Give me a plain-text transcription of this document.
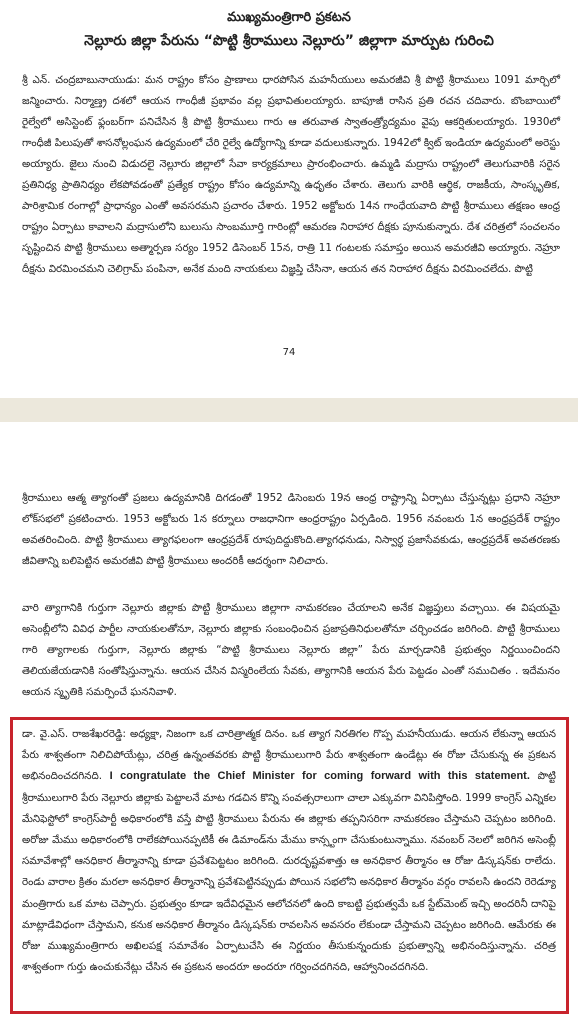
ముఖ్యమంత్రిగారి ప్రకటన
నెల్లూరు జిల్లా పేరును “పొట్టి శ్రీరాములు నెల్లూరు” జిల్లాగా మార్పుట గురించి

శ్రీ ఎన్. చంద్రబాబునాయుడు: మన రాష్ట్రం కోసం ప్రాణాలు ధారపోసిన మహనీయులు అమరజీవి శ్రీ పొట్టి శ్రీరాములు 1091 మార్చిలో జన్మించారు. నిర్మాణ్త్ర దశలో ఆయన గాంధీజీ ప్రభావం వల్ల ప్రభావితులయ్యారు. బాపూజీ రాసిన ప్రతి రచన చదివారు. బొంబాయిలో రైల్వేలో అసిస్టెంట్ ఫ్లంబర్‌గా పనిచేసిన శ్రీ పొట్టి శ్రీరాములు గారు ఆ తరువాత స్వాతంత్ర్యోద్యమం వైపు ఆకర్షితులయ్యారు. 1930లో గాంధీజీ పిలుపుతో శాసనోల్లంఘన ఉద్యమంలో చేరి రైల్వే ఉద్యోగాన్ని కూడా వదులుకున్నారు. 1942లో క్విట్ ఇండియా ఉద్యమంలో అరెస్టు అయ్యారు. జైలు నుంచి విడుదలై నెల్లూరు జిల్లాలో సేవా కార్యక్రమాలు ప్రారంభించారు. ఉమ్మడి మద్రాసు రాష్ట్రంలో తెలుగువారికి సరైన ప్రతినిధ్య ప్రాతినిధ్యం లేకపోవడంతో ప్రత్యేక రాష్ట్రం కోసం ఉద్యమాన్ని ఉధృతం చేశారు. తెలుగు వారికి ఆర్థిక, రాజకీయ, సాంస్కృతిక, పారిశ్రామిక రంగాల్లో ప్రాధాన్యం ఎంతో అవసరమని ప్రచారం చేశారు. 1952 అక్టోబరు 14న గాంధేయవాది పొట్టి శ్రీరాములు తక్షణం ఆంధ్ర రాష్ట్రం ఏర్పాటు కావాలని మద్రాసులోని బులుసు సాంబమూర్తి గారింట్లో ఆమరణ నిరాహార దీక్షకు పూనుకున్నారు. దేశ చరిత్రలో సంచలనం సృష్టించిన పొట్టి శ్రీరాములు అత్మార్పణ సర్యం 1952 డిసెంబర్ 15న, రాత్రి 11 గంటలకు సమాప్తం అయిన అమరజీవి అయ్యారు. నెహ్రూ దీక్షను విరమించమని చెలిగ్రామ్ పంపినా, అనేక మంది నాయకులు విజ్ఞప్తి చేసినా, ఆయన తన నిరాహార దీక్షను విరమించలేదు. పొట్టి

74

శ్రీరాములు ఆత్మ త్యాగంతో ప్రజలు ఉద్యమానికి దిగడంతో 1952 డిసెంబరు 19న ఆంధ్ర రాష్ట్రాన్ని ఏర్పాటు చేస్తున్నట్లు ప్రధాని నెహ్రూ లోక్‌సభలో ప్రకటించారు. 1953 అక్టోబరు 1న కర్నూలు రాజధానిగా ఆంధ్రరాష్ట్రం ఏర్పడింది. 1956 నవంబరు 1న ఆంధ్రప్రదేశ్ రాష్ట్రం అవతరించింది. పొట్టి శ్రీరాములు త్యాగఫలంగా ఆంధ్రప్రదేశ్ రూపుదిద్దుకొంది.త్యాగధనుడు, నిస్వార్థ ప్రజాసేవకుడు, ఆంధ్రప్రదేశ్ అవతరణకు జీవితాన్ని బలిపెట్టిన అమరజీవి పొట్టి శ్రీరాములు అందరికీ ఆదర్శంగా నిలిచారు.

వారి త్యాగానికి గుర్తుగా నెల్లూరు జిల్లాకు పొట్టి శ్రీరాములు జిల్లాగా నామకరణం చేయాలని అనేక విజ్ఞప్తులు వచ్చాయి. ఈ విషయమై అసెంబ్లీలోని వివిధ పార్టీల నాయకులతోనూ, నెల్లూరు జిల్లాకు సంబంధించిన ప్రజాప్రతినిధులతోనూ చర్చించడం జరిగింది. పొట్టి శ్రీరాములు గారి త్యాగాలకు గుర్తుగా, నెల్లూరు జిల్లాకు “పొట్టి శ్రీరాములు నెల్లూరు జిల్లా” పేరు మార్చడానికి ప్రభుత్వం నిర్ణయించిందని తెలియజేయడానికి సంతోషిస్తున్నాను. ఆయన చేసిన విస్మరింలేయ సేవకు, త్యాగానికి ఆయన పేరు పెట్టడం ఎంతో సముచితం . ఇదేమనం ఆయన స్మృతికి సమర్పించే ఘననివాళి.

డా. వై.ఎస్. రాజశేఖరరెడ్డి: అధ్యక్షా, నిజంగా ఒక చారిత్రాత్మక దినం. ఒక త్యాగ నిరతిగల గొప్ప మహనీయుడు. ఆయన లేకున్నా ఆయన పేరు శాశ్వతంగా నిలిచిపోయేట్లు, చరిత్ర ఉన్నంతవరకు పొట్టి శ్రీరాములుగారి పేరు శాశ్వతంగా ఉండేట్లు ఈ రోజు చేసుకున్న ఈ ప్రకటన అభినందించదగినది. I congratulate the Chief Minister for coming forward with this statement. పొట్టి శ్రీరాములుగారి పేరు నెల్లూరు జిల్లాకు పెట్టాలనే మాట గడచిన కొన్ని సంవత్సరాలుగా చాలా ఎక్కువగా వినిపిస్తోంది. 1999 కాంగ్రెస్ ఎన్నికల మేనిఫెస్టోలో కాంగ్రెస్‌పార్టీ అధికారంలోకి వస్తే పొట్టి శ్రీరాములు పేరును ఈ జిల్లాకు తప్పనిసరిగా నామకరణం చేస్తామని చెప్పటం జరిగింది. అరోజు మేము అధికారంలోకి రాలేకపోయినప్పటికీ ఈ డిమాండ్‌ను మేము కాన్స్టంగా చేసుకుంటున్నాము. నవంబర్ నెలలో జరిగిన అసెంబ్లీ సమావేశాల్లో ఆనధికార తీర్మానాన్ని కూడా ప్రవేశపెట్టటం జరిగింది. దురదృష్టవశాత్తు ఆ అనధికార తీర్మానం ఆ రోజు డిస్కషన్‌కు రాలేదు. రెండు వారాల క్రితం మరలా అనధికార తీర్మానాన్ని ప్రవేశపెట్టినప్పుడు పోయిన సభలోని అనధికార తీర్మానం వర్గం రావలసి ఉందని రెరెడ్యూ మంత్రిగారు ఒక మాట చెప్పారు. ప్రభుత్వం కూడా ఇదేవిధమైన ఆలోచనలో ఉంది కాబట్టి ప్రభుత్వమే ఒక స్టేట్‌మెంట్ ఇచ్చి అందరినీ దానిపై మాట్లాడేవిధంగా చేస్తామని, కనుక అనధికార తీర్మానం డిస్కషన్‌కు రావలసిన అవసరం లేకుండా చేస్తామని చెప్పటం జరిగింది. ఆమేరకు ఈ రోజు ముఖ్యమంత్రిగారు అఖిలపక్ష సమావేశం ఏర్పాటుచేసి ఈ నిర్ణయం తీసుకున్నందుకు ప్రభుత్వాన్ని అభినందిస్తున్నాను. చరిత్ర శాశ్వతంగా గుర్తు ఉంచుకునేట్లు చేసిన ఈ ప్రకటన అందరూ అందరూ గర్వించదగినది, ఆహ్వానించదగినది.
